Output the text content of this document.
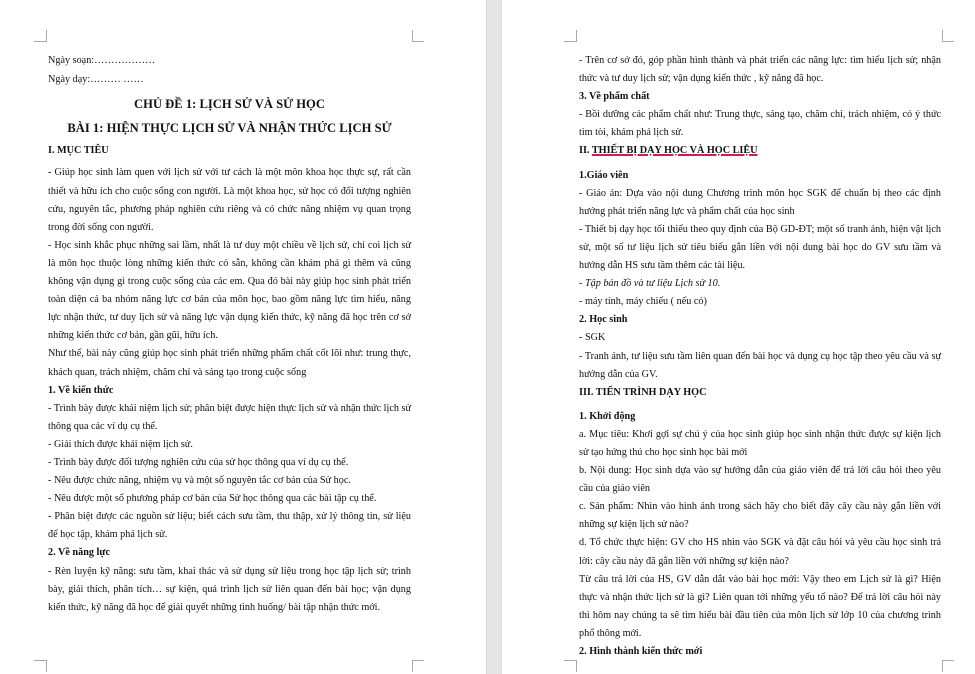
Ngày soạn:………………

Ngày dạy:……… ……

CHỦ ĐỀ 1: LỊCH SỬ VÀ SỬ HỌC

BÀI 1: HIỆN THỰC LỊCH SỬ VÀ NHẬN THỨC LỊCH SỬ

I. MỤC TIÊU

- Giúp học sinh làm quen với lịch sử với tư cách là một môn khoa học thực sự, rất cần thiết và hữu ích cho cuộc sống con người. Là một khoa học, sử học có đối tượng nghiên cứu, nguyên tắc, phương pháp nghiên cứu riêng và có chức năng nhiệm vụ quan trọng trong đời sống con người.

- Học sinh khắc phục những sai lầm, nhất là tư duy một chiều về lịch sử, chỉ coi lịch sử là môn học thuộc lòng những kiến thức có sẵn, không cần khám phá gì thêm và cũng không vận dụng gì trong cuộc sống của các em. Qua đó bài này giúp học sinh phát triển toàn diện cả ba nhóm năng lực cơ bản của môn học, bao gồm năng lực tìm hiểu, năng lực nhận thức, tư duy lịch sử và năng lực vận dụng kiến thức, kỹ năng đã học trên cơ sở những kiến thức cơ bản, gần gũi, hữu ích.

Như thế, bài này cũng giúp học sinh phát triển những phẩm chất cốt lõi như: trung thực, khách quan, trách nhiệm, chăm chỉ và sáng tạo trong cuộc sống

1. Về kiến thức

- Trình bày được khái niệm lịch sử; phân biệt được hiện thực lịch sử và nhận thức lịch sử thông qua các ví dụ cụ thể.

- Giải thích được khái niệm lịch sử.

- Trình bày được đối tượng nghiên cứu của sử học thông qua ví dụ cụ thể.

- Nêu được chức năng, nhiệm vụ và một số nguyên tắc cơ bản của Sử học.

- Nêu được một số phương pháp cơ bản của Sử học thông qua các bài tập cụ thể.

- Phân biệt được các nguồn sử liệu; biết cách sưu tầm, thu thập, xử lý thông tin, sử liệu để học tập, khám phá lịch sử.

2. Về năng lực

- Rèn luyện kỹ năng: sưu tầm, khai thác và sử dụng sử liệu trong học tập lịch sử; trình bày, giải thích, phân tích… sự kiện, quá trình lịch sử liên quan đến bài học; vận dụng kiến thức, kỹ năng đã học để giải quyết những tình huống/ bài tập nhận thức mới.

- Trên cơ sở đó, góp phần hình thành và phát triển các năng lực: tìm hiểu lịch sử; nhận thức và tư duy lịch sử; vận dụng kiến thức , kỹ năng đã học.

3. Về phẩm chất

- Bồi dưỡng các phẩm chất như: Trung thực, sáng tạo, chăm chỉ, trách nhiệm, có ý thức tìm tòi, khám phá lịch sử.

II. THIẾT BỊ DẠY HỌC VÀ HỌC LIỆU

1.Giáo viên

- Giáo án: Dựa vào nội dung Chương trình môn học SGK để chuẩn bị theo các định hướng phát triển năng lực và phẩm chất của học sinh

- Thiết bị dạy học tối thiểu theo quy định của Bộ GD-ĐT; một số tranh ảnh, hiện vật lịch sử, một số tư liệu lịch sử tiêu biểu gắn liền với nội dung bài học do GV sưu tầm và hướng dẫn HS sưu tầm thêm các tài liệu.

- Tập bản đồ và tư liệu Lịch sử 10.

- máy tính, máy chiếu ( nếu có)

2. Học sinh

- SGK

- Tranh ảnh, tư liệu sưu tầm liên quan đến bài học và dụng cụ học tập theo yêu cầu và sự hướng dẫn của GV.

III. TIẾN TRÌNH DẠY HỌC

1. Khởi động

a. Mục tiêu: Khơi gợi sự chú ý của học sinh giúp học sinh nhận thức được sự kiện lịch sử tạo hứng thú cho học sinh học bài mới

b. Nội dung: Học sinh dựa vào sự hướng dẫn của giáo viên để trả lời câu hỏi theo yêu cầu của giáo viên

c. Sản phẩm: Nhìn vào hình ảnh trong sách hãy cho biết đây cây cầu này gắn liền với những sự kiện lịch sử nào?

d. Tổ chức thực hiện: GV cho HS nhìn vào SGK và đặt câu hỏi và yêu cầu học sinh trả lời: cây cầu này đã gắn liền với những sự kiện nào?

Từ câu trả lời của HS, GV dẫn dắt vào bài học mới: Vậy theo em Lịch sử là gì? Hiện thực và nhận thức lịch sử là gì? Liên quan tới những yếu tố nào? Để trả lời câu hỏi này thì hôm nay chúng ta sẽ tìm hiểu bài đầu tiên của môn lịch sử lớp 10 của chương trình phổ thông mới.

2. Hình thành kiến thức mới
